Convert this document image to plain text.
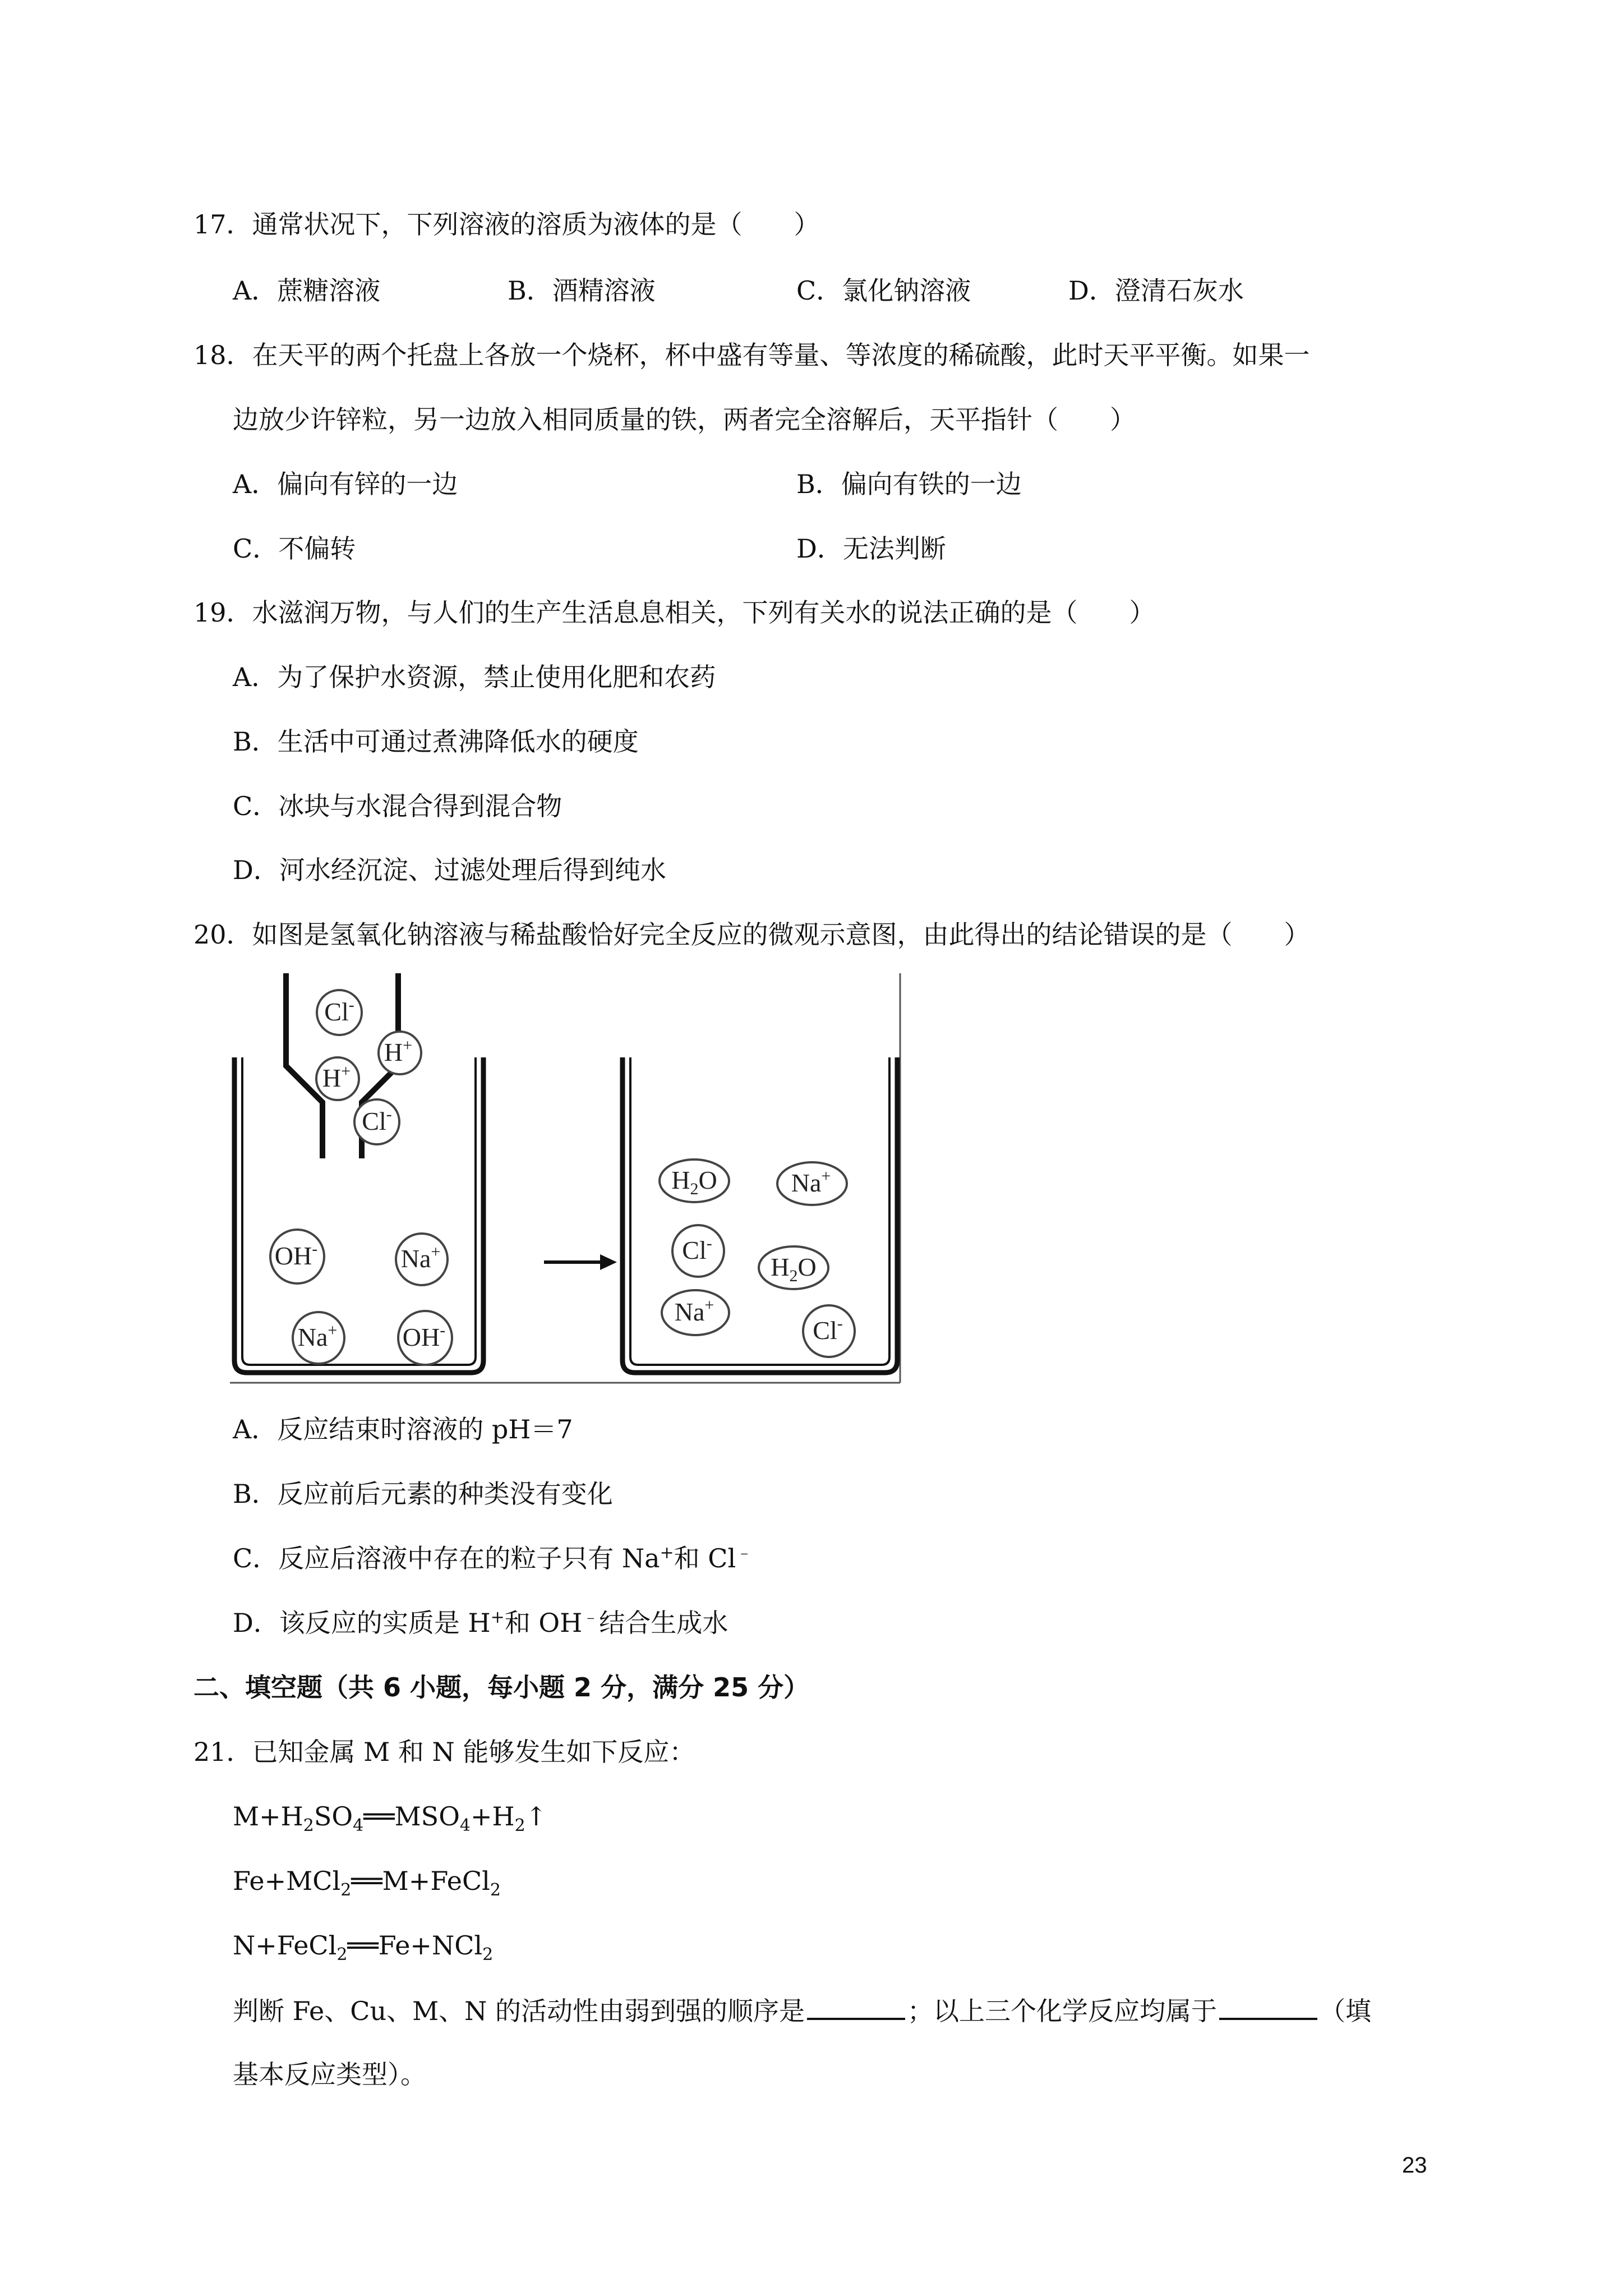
17．通常状况下，下列溶液的溶质为液体的是（　　）
A．蔗糖溶液	B．酒精溶液	C．氯化钠溶液	D．澄清石灰水
18．在天平的两个托盘上各放一个烧杯，杯中盛有等量、等浓度的稀硫酸，此时天平平衡。如果一
边放少许锌粒，另一边放入相同质量的铁，两者完全溶解后，天平指针（　　）
A．偏向有锌的一边	B．偏向有铁的一边
C．不偏转	D．无法判断
19．水滋润万物，与人们的生产生活息息相关，下列有关水的说法正确的是（　　）
A．为了保护水资源，禁止使用化肥和农药
B．生活中可通过煮沸降低水的硬度
C．冰块与水混合得到混合物
D．河水经沉淀、过滤处理后得到纯水
20．如图是氢氧化钠溶液与稀盐酸恰好完全反应的微观示意图，由此得出的结论错误的是（　　）
Cl-
H+
H+
Cl-
OH-	Na+
Na+	OH-
$H_2O$	Na+
Cl-
$H_2O$
Na+
Cl-
A．反应结束时溶液的 pH＝7
B．反应前后元素的种类没有变化
C．反应后溶液中存在的粒子只有 Na+和 Cl﹣
D．该反应的实质是 H+和 OH﹣结合生成水
二、填空题（共 6 小题，每小题 2 分，满分 25 分）
21．已知金属 M 和 N 能够发生如下反应：
$M+H_2SO_4══MSO_4+H_2↑$
Fe+MCl$_2$══M+FeCl$_2$
N+FeCl$_2$══Fe+NCl$_2$
判断 Fe、Cu、M、N 的活动性由弱到强的顺序是	；以上三个化学反应均属于	（填
基本反应类型）。
23
